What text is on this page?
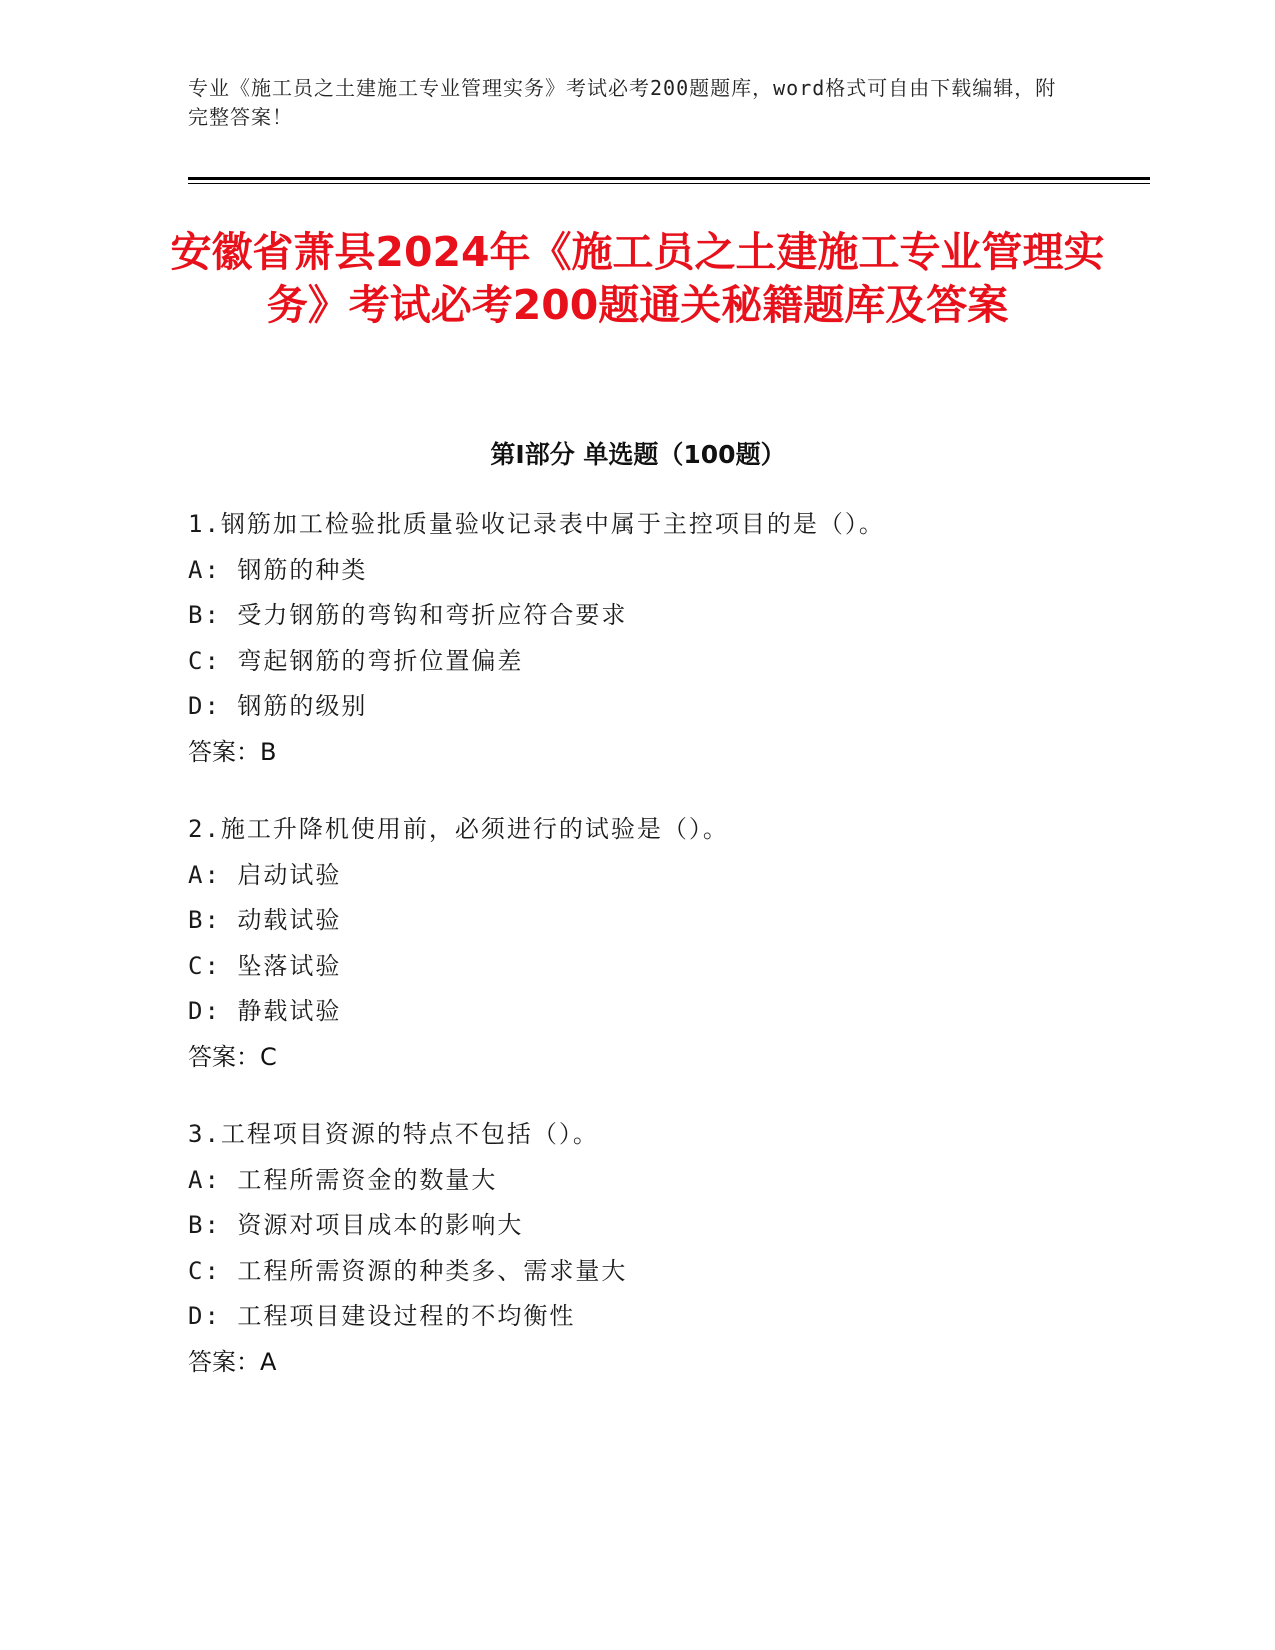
专业《施工员之土建施工专业管理实务》考试必考200题题库，word格式可自由下载编辑，附完整答案！
安徽省萧县2024年《施工员之土建施工专业管理实务》考试必考200题通关秘籍题库及答案
第I部分 单选题（100题）
1.钢筋加工检验批质量验收记录表中属于主控项目的是（）。
A: 钢筋的种类
B: 受力钢筋的弯钩和弯折应符合要求
C: 弯起钢筋的弯折位置偏差
D: 钢筋的级别
答案：B
2.施工升降机使用前，必须进行的试验是（）。
A: 启动试验
B: 动载试验
C: 坠落试验
D: 静载试验
答案：C
3.工程项目资源的特点不包括（）。
A: 工程所需资金的数量大
B: 资源对项目成本的影响大
C: 工程所需资源的种类多、需求量大
D: 工程项目建设过程的不均衡性
答案：A
